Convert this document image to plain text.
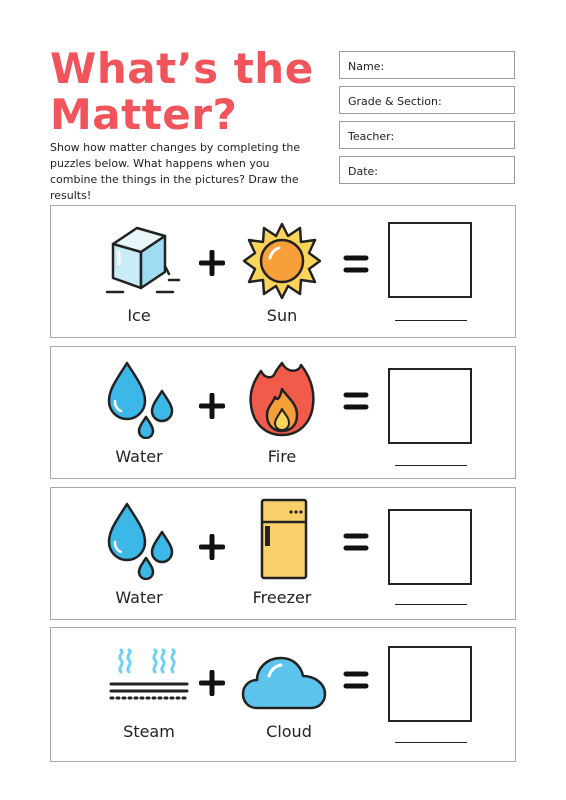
What’s the
Matter?

Show how matter changes by completing the puzzles below. What happens when you combine the things in the pictures? Draw the results!

Name:
Grade & Section:
Teacher:
Date:
Ice	Sun
Water	Fire
Water	Freezer
Steam	Cloud
